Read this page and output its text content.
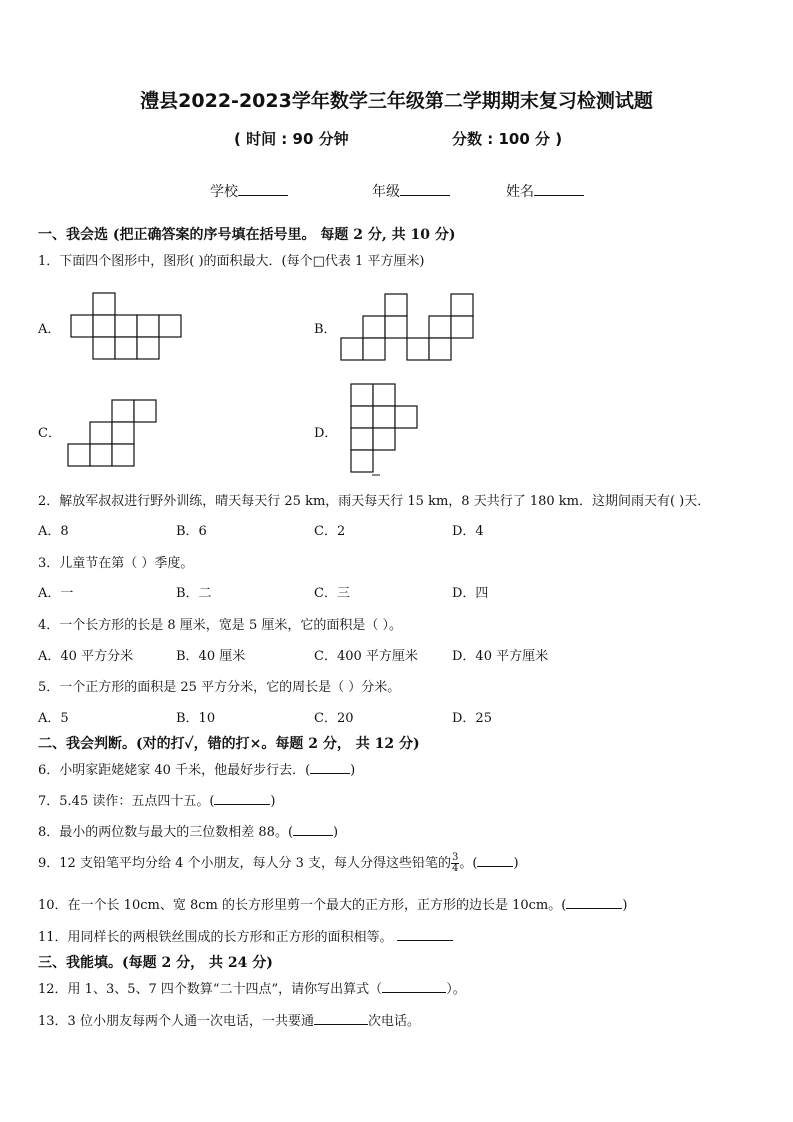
澧县2022-2023学年数学三年级第二学期期末复习检测试题
( 时间 : 90 分钟	分数 : 100 分 )
学校	年级	姓名
一、我会选 (把正确答案的序号填在括号里。 每题 2 分, 共 10 分)
1．下面四个图形中，图形( )的面积最大．(每个□代表 1 平方厘米)
A．	B．
C．	D．
2．解放军叔叔进行野外训练，晴天每天行 25 km，雨天每天行 15 km，8 天共行了 180 km．这期间雨天有( )天．
A．8	B．6	C．2	D．4
3．儿童节在第（ ）季度。
A．一	B．二	C．三	D．四
4．一个长方形的长是 8 厘米，宽是 5 厘米，它的面积是（ ）。
A．40 平方分米	B．40 厘米	C．400 平方厘米	D．40 平方厘米
5．一个正方形的面积是 25 平方分米，它的周长是（ ）分米。
A．5	B．10	C．20	D．25
二、我会判断。(对的打✓，错的打×。每题 2 分， 共 12 分)
6．小明家距姥姥家 40 千米，他最好步行去．(	)
7．5.45 读作：五点四十五。(	)
8．最小的两位数与最大的三位数相差 88。(	)
9．12 支铅笔平均分给 4 个小朋友，每人分 3 支，每人分得这些铅笔的 $\frac{3}{4}$ 。(	)
10．在一个长 10cm、宽 8cm 的长方形里剪一个最大的正方形，正方形的边长是 10cm。(	)
11．用同样长的两根铁丝围成的长方形和正方形的面积相等。
三、我能填。(每题 2 分， 共 24 分)
12．用 1、3、5、7 四个数算“二十四点”，请你写出算式（	）。
13．3 位小朋友每两个人通一次电话，一共要通	次电话。
